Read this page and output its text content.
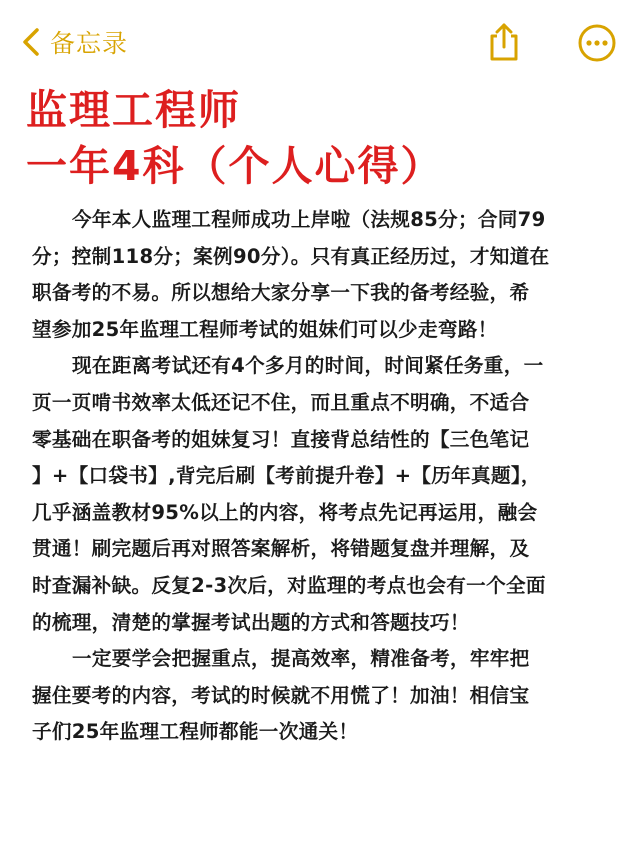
备忘录
监理工程师
一年4科（个人心得）
今年本人监理工程师成功上岸啦（法规85分；合同79
分；控制118分；案例90分）。只有真正经历过，才知道在
职备考的不易。所以想给大家分享一下我的备考经验，希
望参加25年监理工程师考试的姐妹们可以少走弯路！
现在距离考试还有4个多月的时间，时间紧任务重，一
页一页啃书效率太低还记不住，而且重点不明确，不适合
零基础在职备考的姐妹复习！直接背总结性的【三色笔记
】+【口袋书】,背完后刷【考前提升卷】+【历年真题】，
几乎涵盖教材95%以上的内容，将考点先记再运用，融会
贯通！刷完题后再对照答案解析，将错题复盘并理解，及
时查漏补缺。反复2-3次后，对监理的考点也会有一个全面
的梳理，清楚的掌握考试出题的方式和答题技巧！
一定要学会把握重点，提高效率，精准备考，牢牢把
握住要考的内容，考试的时候就不用慌了！加油！相信宝
子们25年监理工程师都能一次通关！
